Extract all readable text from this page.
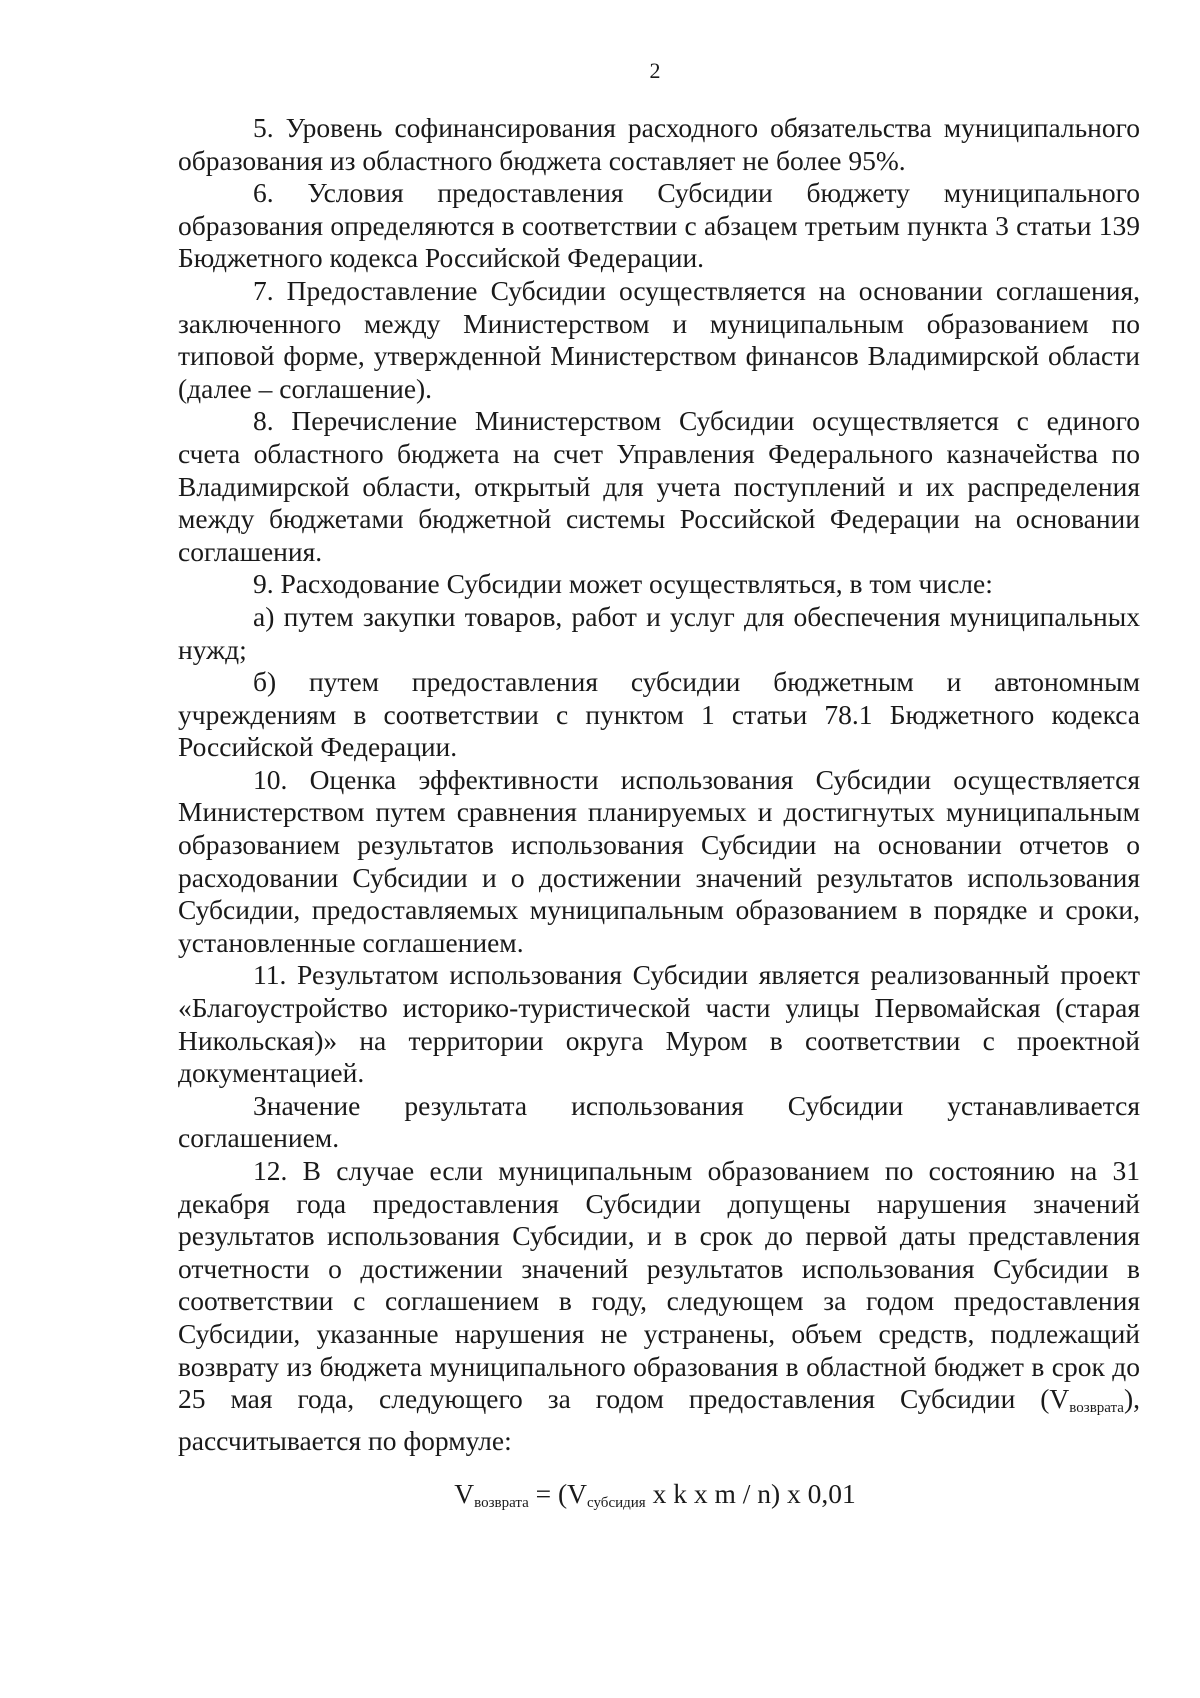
2

5. Уровень софинансирования расходного обязательства муниципального образования из областного бюджета составляет не более 95%.

6. Условия предоставления Субсидии бюджету муниципального образования определяются в соответствии с абзацем третьим пункта 3 статьи 139 Бюджетного кодекса Российской Федерации.

7. Предоставление Субсидии осуществляется на основании соглашения, заключенного между Министерством и муниципальным образованием по типовой форме, утвержденной Министерством финансов Владимирской области (далее – соглашение).

8. Перечисление Министерством Субсидии осуществляется с единого счета областного бюджета на счет Управления Федерального казначейства по Владимирской области, открытый для учета поступлений и их распределения между бюджетами бюджетной системы Российской Федерации на основании соглашения.

9. Расходование Субсидии может осуществляться, в том числе:

а) путем закупки товаров, работ и услуг для обеспечения муниципальных нужд;

б) путем предоставления субсидии бюджетным и автономным учреждениям в соответствии с пунктом 1 статьи 78.1 Бюджетного кодекса Российской Федерации.

10. Оценка эффективности использования Субсидии осуществляется Министерством путем сравнения планируемых и достигнутых муниципальным образованием результатов использования Субсидии на основании отчетов о расходовании Субсидии и о достижении значений результатов использования Субсидии, предоставляемых муниципальным образованием в порядке и сроки, установленные соглашением.

11. Результатом использования Субсидии является реализованный проект «Благоустройство историко-туристической части улицы Первомайская (старая Никольская)» на территории округа Муром в соответствии с проектной документацией.

Значение результата использования Субсидии устанавливается соглашением.

12. В случае если муниципальным образованием по состоянию на 31 декабря года предоставления Субсидии допущены нарушения значений результатов использования Субсидии, и в срок до первой даты представления отчетности о достижении значений результатов использования Субсидии в соответствии с соглашением в году, следующем за годом предоставления Субсидии, указанные нарушения не устранены, объем средств, подлежащий возврату из бюджета муниципального образования в областной бюджет в срок до 25 мая года, следующего за годом предоставления Субсидии $(V_{возврата})$, рассчитывается по формуле:

$V_{возврата} = (V_{субсидия}$ x k x m / n) x 0,01
